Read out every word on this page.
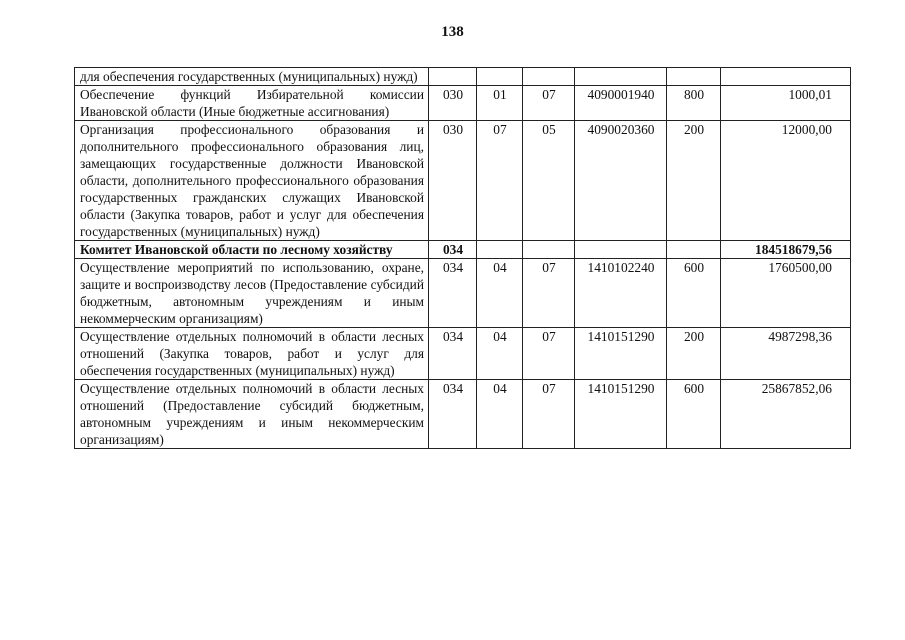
138
для обеспечения государственных (муниципальных) нужд)						
Обеспечение функций Избирательной комиссии Ивановской области (Иные бюджетные ассигнования)	030	01	07	4090001940	800	1000,01
Организация профессионального образования и дополнительного профессионального образования лиц, замещающих государственные должности Ивановской области, дополнительного профессионального образования государственных гражданских служащих Ивановской области (Закупка товаров, работ и услуг для обеспечения государственных (муниципальных) нужд)	030	07	05	4090020360	200	12000,00
Комитет Ивановской области по лесному хозяйству	034					184518679,56
Осуществление мероприятий по использованию, охране, защите и воспроизводству лесов (Предоставление субсидий бюджетным, автономным учреждениям и иным некоммерческим организациям)	034	04	07	1410102240	600	1760500,00
Осуществление отдельных полномочий в области лесных отношений (Закупка товаров, работ и услуг для обеспечения государственных (муниципальных) нужд)	034	04	07	1410151290	200	4987298,36
Осуществление отдельных полномочий в области лесных отношений (Предоставление субсидий бюджетным, автономным учреждениям и иным некоммерческим организациям)	034	04	07	1410151290	600	25867852,06
